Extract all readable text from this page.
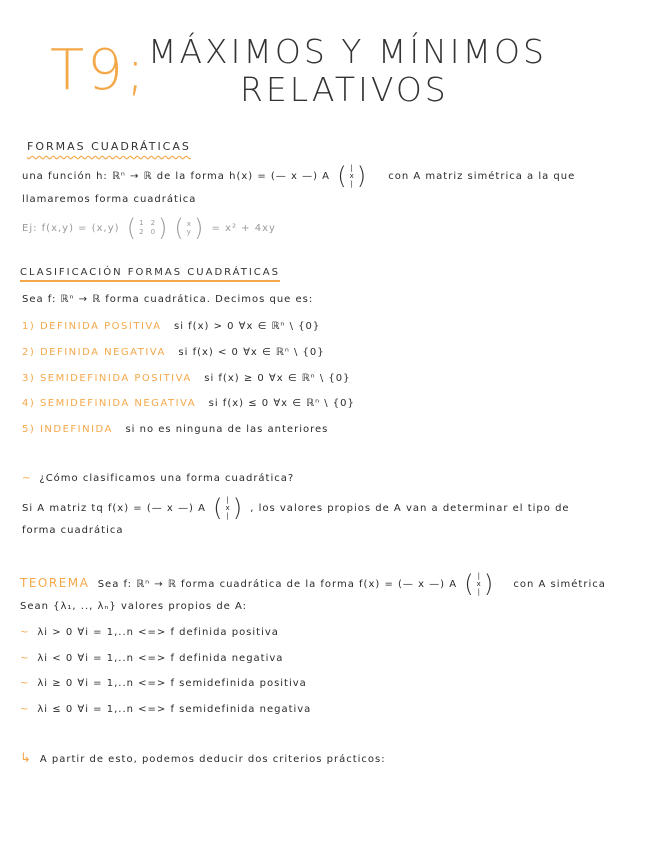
T9; MÁXIMOS Y MÍNIMOS
RELATIVOS
FORMAS CUADRÁTICAS
una función h: ℝⁿ → ℝ de la forma h(x) = (— x —) A ( |
x
| ) con A matriz simétrica a la que
llamaremos forma cuadrática
Ej: f(x,y) = (x,y) ( 1 2
2 0 ) ( x
y ) = x² + 4xy
CLASIFICACIÓN FORMAS CUADRÁTICAS
Sea f: ℝⁿ → ℝ forma cuadrática. Decimos que es:
1) DEFINIDA POSITIVA si f(x) > 0 ∀x ∈ ℝⁿ \ {0}
2) DEFINIDA NEGATIVA si f(x) < 0 ∀x ∈ ℝⁿ \ {0}
3) SEMIDEFINIDA POSITIVA si f(x) ≥ 0 ∀x ∈ ℝⁿ \ {0}
4) SEMIDEFINIDA NEGATIVA si f(x) ≤ 0 ∀x ∈ ℝⁿ \ {0}
5) INDEFINIDA si no es ninguna de las anteriores
~ ¿Cómo clasificamos una forma cuadrática?
Si A matriz tq f(x) = (— x —) A ( |
x
| ) , los valores propios de A van a determinar el tipo de
forma cuadrática
TEOREMA Sea f: ℝⁿ → ℝ forma cuadrática de la forma f(x) = (— x —) A ( |
x
| ) con A simétrica
Sean {λ₁, .., λₙ} valores propios de A:
~ λi > 0 ∀i = 1,..n <=> f definida positiva
~ λi < 0 ∀i = 1,..n <=> f definida negativa
~ λi ≥ 0 ∀i = 1,..n <=> f semidefinida positiva
~ λi ≤ 0 ∀i = 1,..n <=> f semidefinida negativa
↳ A partir de esto, podemos deducir dos criterios prácticos:
